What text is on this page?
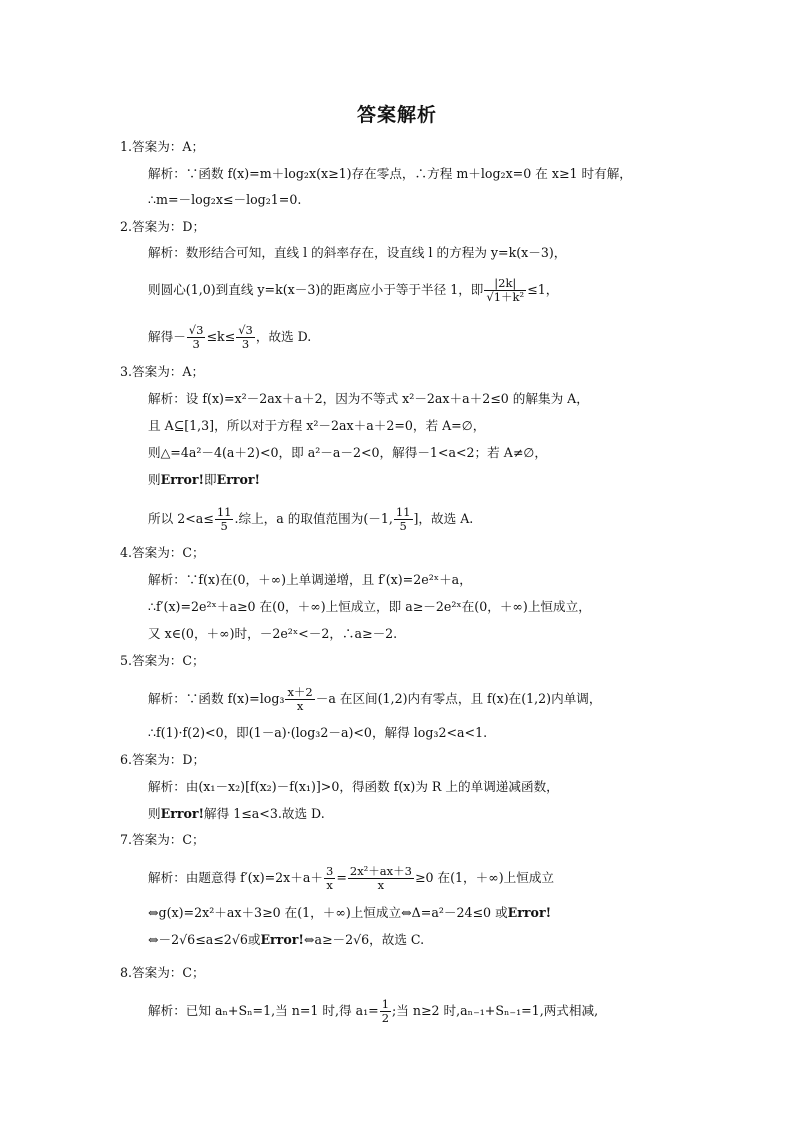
答案解析
1.答案为：A；
解析：∵函数 f(x)=m＋log₂x(x≥1)存在零点，∴方程 m＋log₂x=0 在 x≥1 时有解，
∴m=－log₂x≤－log₂1=0.
2.答案为：D；
解析：数形结合可知，直线 l 的斜率存在，设直线 l 的方程为 y=k(x－3)，
则圆心(1,0)到直线 y=k(x－3)的距离应小于等于半径 1，即 $\frac{|2k|}{\text{√1＋k²}} \le 1$，
解得－ $\frac{√3}{3} \le k\le \frac{√3}{3}$ ，故选 D.
3.答案为：A；
解析：设 f(x)=x²－2ax＋a＋2，因为不等式 x²－2ax＋a＋2≤0 的解集为 A，
且 A⊆[1,3]，所以对于方程 x²－2ax＋a＋2=0，若 A=∅，
则△=4a²－4(a＋2)<0，即 a²－a－2<0，解得－1<a<2；若 A≠∅，
则Error!即Error!
所以 $2<a\le \frac{11}{5}$ .综上，a 的取值范围为(－1, $\frac{11}{5}$ ]，故选 A.
4.答案为：C；
解析：∵f(x)在(0，＋∞)上单调递增，且 f′(x)=2e²ˣ＋a，
∴f′(x)=2e²ˣ＋a≥0 在(0，＋∞)上恒成立，即 a≥－2e²ˣ在(0，＋∞)上恒成立，
又 x∈(0，＋∞)时，－2e²ˣ<－2，∴a≥－2.
5.答案为：C；
解析：∵函数 $f(x)=\log_3 \frac{x+2}{x} -a$ 在区间(1,2)内有零点，且 f(x)在(1,2)内单调，
∴f(1)·f(2)<0，即(1－a)·(log₃2－a)<0，解得 log₃2<a<1.
6.答案为：D；
解析：由(x₁－x₂)[f(x₂)－f(x₁)]>0，得函数 f(x)为 R 上的单调递减函数，
则Error!解得 1≤a<3.故选 D.
7.答案为：C；
解析：由题意得 $f'(x)=2x+a+ \frac{3}{x} = \frac{\text{2x²＋ax＋3}}{x} \ge 0$ 在(1，＋∞)上恒成立
⇔g(x)=2x²＋ax＋3≥0 在(1，＋∞)上恒成立⇔Δ=a²－24≤0 或Error!
⇔－2√6≤a≤2√6或Error!⇔a≥－2√6，故选 C.
8.答案为：C；
解析：已知 aₙ+Sₙ=1,当 n=1 时,得 $a_1= \frac{1}{2}$ ;当 n≥2 时,aₙ₋₁+Sₙ₋₁=1,两式相减,
